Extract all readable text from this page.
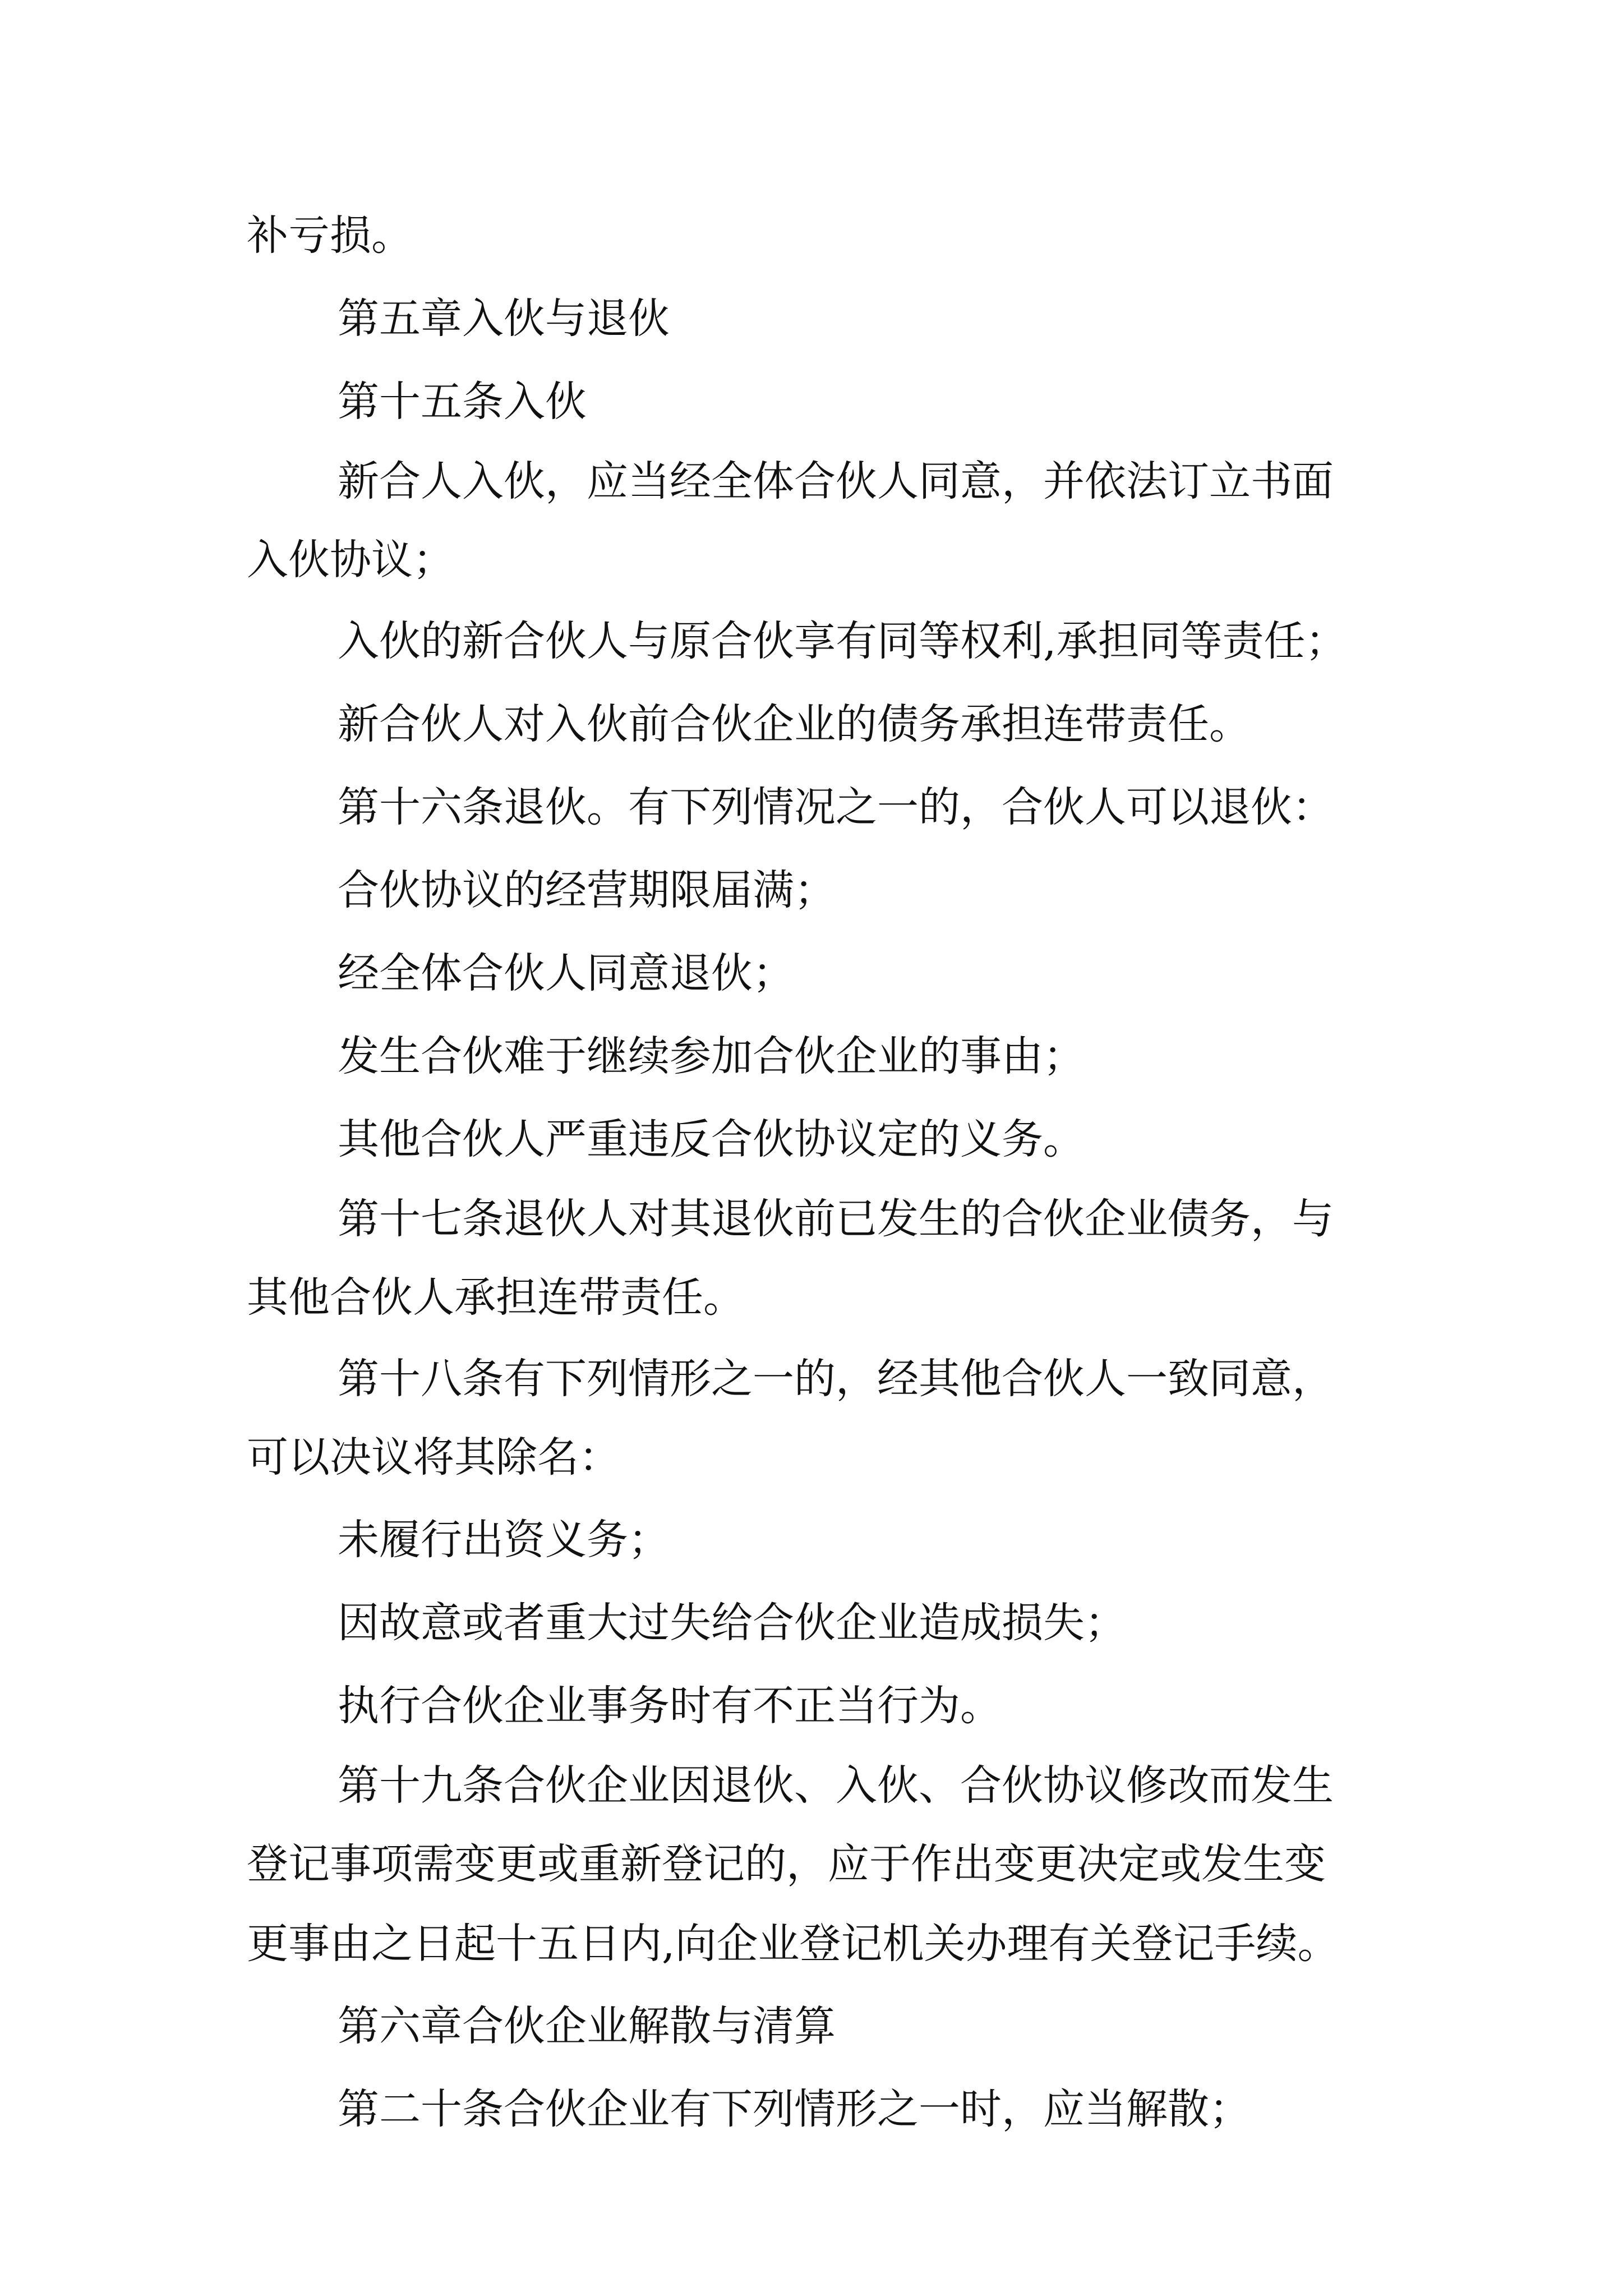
补亏损。
第五章入伙与退伙
第十五条入伙
新合人入伙，应当经全体合伙人同意，并依法订立书面
入伙协议；
入伙的新合伙人与原合伙享有同等权利,承担同等责任；
新合伙人对入伙前合伙企业的债务承担连带责任。
第十六条退伙。有下列情况之一的，合伙人可以退伙：
合伙协议的经营期限届满；
经全体合伙人同意退伙；
发生合伙难于继续参加合伙企业的事由；
其他合伙人严重违反合伙协议定的义务。
第十七条退伙人对其退伙前已发生的合伙企业债务，与
其他合伙人承担连带责任。
第十八条有下列情形之一的，经其他合伙人一致同意，
可以决议将其除名：
未履行出资义务；
因故意或者重大过失给合伙企业造成损失；
执行合伙企业事务时有不正当行为。
第十九条合伙企业因退伙、入伙、合伙协议修改而发生
登记事项需变更或重新登记的，应于作出变更决定或发生变
更事由之日起十五日内,向企业登记机关办理有关登记手续。
第六章合伙企业解散与清算
第二十条合伙企业有下列情形之一时，应当解散；
